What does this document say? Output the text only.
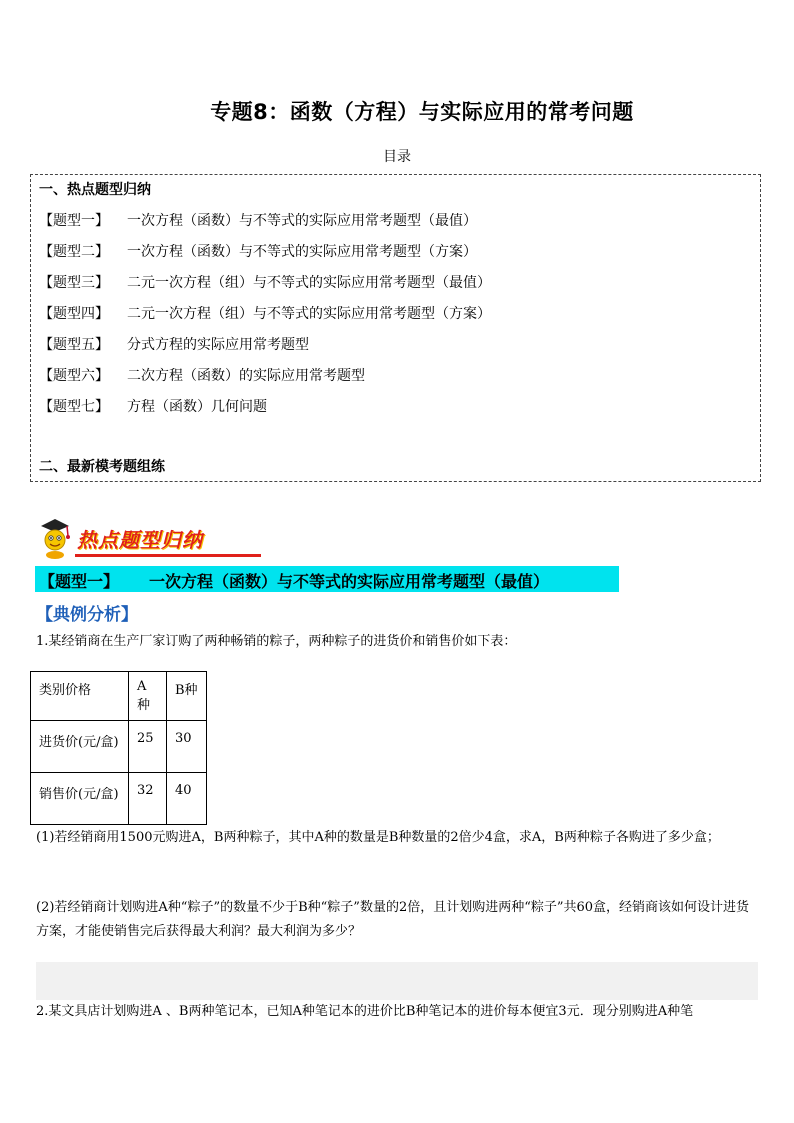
专题8：函数（方程）与实际应用的常考问题
目录
一、热点题型归纳
【题型一】 一次方程（函数）与不等式的实际应用常考题型（最值）
【题型二】 一次方程（函数）与不等式的实际应用常考题型（方案）
【题型三】 二元一次方程（组）与不等式的实际应用常考题型（最值）
【题型四】 二元一次方程（组）与不等式的实际应用常考题型（方案）
【题型五】 分式方程的实际应用常考题型
【题型六】 二次方程（函数）的实际应用常考题型
【题型七】 方程（函数）几何问题
二、最新模考题组练
热点题型归纳
【题型一】 一次方程（函数）与不等式的实际应用常考题型（最值）
【典例分析】
1.某经销商在生产厂家订购了两种畅销的粽子，两种粽子的进货价和销售价如下表：
类别价格	A种	B种
进货价(元/盒)	25	30
销售价(元/盒)	32	40
(1)若经销商用1500元购进A，B两种粽子，其中A种的数量是B种数量的2倍少4盒，求A，B两种粽子各购进了多少盒；
(2)若经销商计划购进A种“粽子”的数量不少于B种“粽子”数量的2倍，且计划购进两种“粽子”共60盒，经销商该如何设计进货方案，才能使销售完后获得最大利润？最大利润为多少？
2.某文具店计划购进A 、B两种笔记本，已知A种笔记本的进价比B种笔记本的进价每本便宜3元．现分别购进A种笔
